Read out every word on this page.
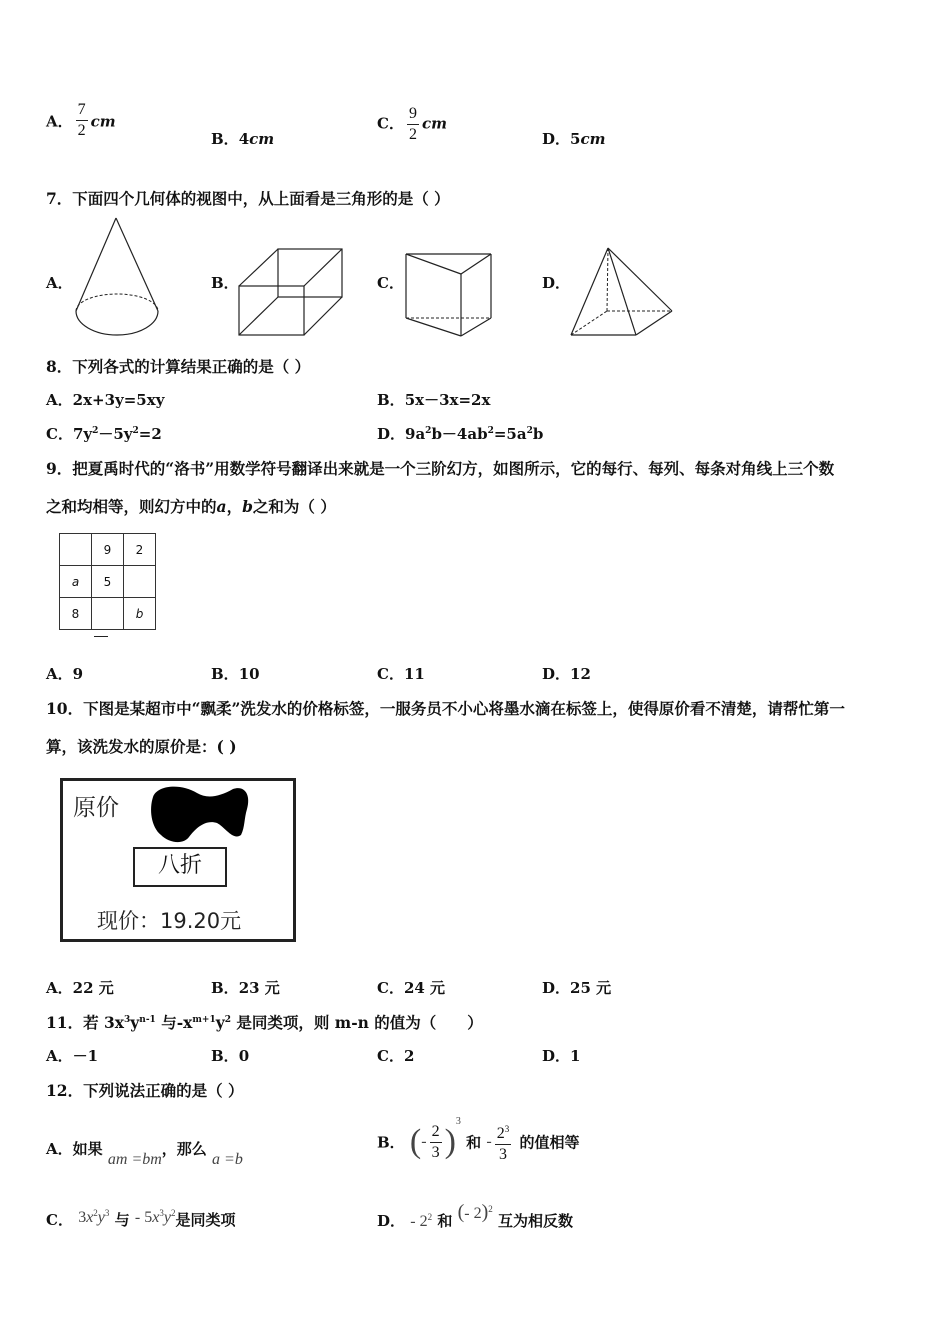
A． $\frac{7}{2}$ cm
B．4cm
C． $\frac{9}{2}$ cm
D．5cm
7．下面四个几何体的视图中，从上面看是三角形的是（ ）
A．	B．	C．	D．
8．下列各式的计算结果正确的是（ ）
A．2x+3y=5xy	B．5x－3x=2x
C．$7y^2-5y^2=2$	D．$9a^2b-4ab^2=5a^2b$
9．把夏禹时代的“洛书”用数学符号翻译出来就是一个三阶幻方，如图所示，它的每行、每列、每条对角线上三个数
之和均相等，则幻方中的a，b之和为（ ）
	9	2
a	5	
8		b
A．9	B．10	C．11	D．12
10．下图是某超市中“飘柔”洗发水的价格标签，一服务员不小心将墨水滴在标签上，使得原价看不清楚，请帮忙第一
算，该洗发水的原价是：( )
原价
八折
现价：19.20元
A．22 元	B．23 元	C．24 元	D．25 元
11．若 $3x^3y^{n-1}$ 与$-x^{m+1}y^2$ 是同类项，则 m-n 的值为（　　）
A．－1	B．0	C．2	D．1
12．下列说法正确的是（ ）
A．如果 am =bm，那么 a =b
B． (- $\frac{2}{3} )^3$ 和 - $\frac{2^3}{3}$ 的值相等
C． $3x^2y^3$ 与 - $5x^3y^2$是同类项	D． - $2^2$ 和 (- 2)$^2$ 互为相反数
